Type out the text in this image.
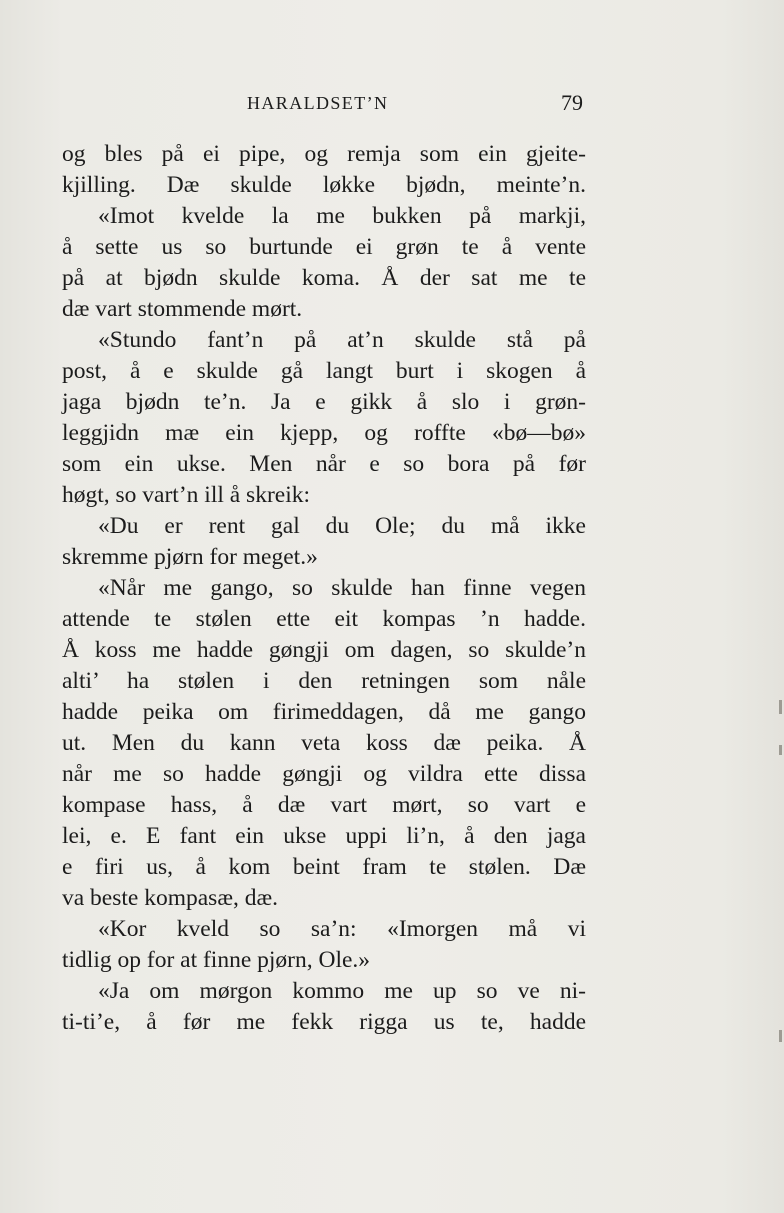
HARALDSET’N	79
og bles på ei pipe, og remja som ein gjeite-
kjilling. Dæ skulde løkke bjødn, meinte’n.
«Imot kvelde la me bukken på markji,
å sette us so burtunde ei grøn te å vente
på at bjødn skulde koma. Å der sat me te
dæ vart stommende mørt.
«Stundo fant’n på at’n skulde stå på
post, å e skulde gå langt burt i skogen å
jaga bjødn te’n. Ja e gikk å slo i grøn-
leggjidn mæ ein kjepp, og roffte «bø—bø»
som ein ukse. Men når e so bora på før
høgt, so vart’n ill å skreik:
«Du er rent gal du Ole; du må ikke
skremme pjørn for meget.»
«Når me gango, so skulde han finne vegen
attende te stølen ette eit kompas ’n hadde.
Å koss me hadde gøngji om dagen, so skulde’n
alti’ ha stølen i den retningen som nåle
hadde peika om firimeddagen, då me gango
ut. Men du kann veta koss dæ peika. Å
når me so hadde gøngji og vildra ette dissa
kompase hass, å dæ vart mørt, so vart e
lei, e. E fant ein ukse uppi li’n, å den jaga
e firi us, å kom beint fram te stølen. Dæ
va beste kompasæ, dæ.
«Kor kveld so sa’n: «Imorgen må vi
tidlig op for at finne pjørn, Ole.»
«Ja om mørgon kommo me up so ve ni-
ti-ti’e, å før me fekk rigga us te, hadde
